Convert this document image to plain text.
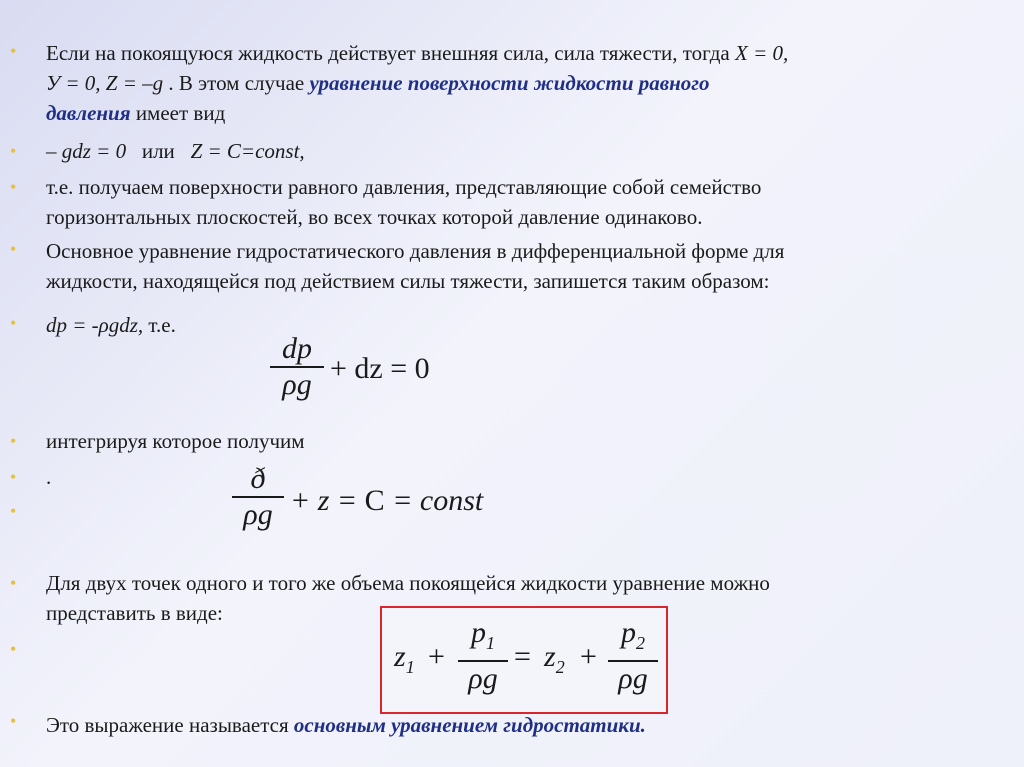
•
•
•
•
•
•
•
•
•
•
•
Если на покоящуюся жидкость действует внешняя сила, сила тяжести, тогда X = 0,
У = 0, Z = –g . В этом случае уравнение поверхности жидкости равного
давления имеет вид
– gdz = 0   или   Z = C=const,
т.е. получаем поверхности равного давления, представляющие собой семейство
горизонтальных плоскостей, во всех точках которой давление одинаково.
Основное уравнение гидростатического давления в дифференциальной форме для
жидкости, находящейся под действием силы тяжести, запишется таким образом:
dp = -ρgdz, т.е.
dp
ρg + dz = 0
интегрируя которое получим
.	ð
ρg + z = C = const
Для двух точек одного и того же объема покоящейся жидкости уравнение можно
представить в виде:
$z_1$ +
$p_1$
ρg
= $z_2$ +
$p_2$
ρg
Это выражение называется основным уравнением гидростатики.
